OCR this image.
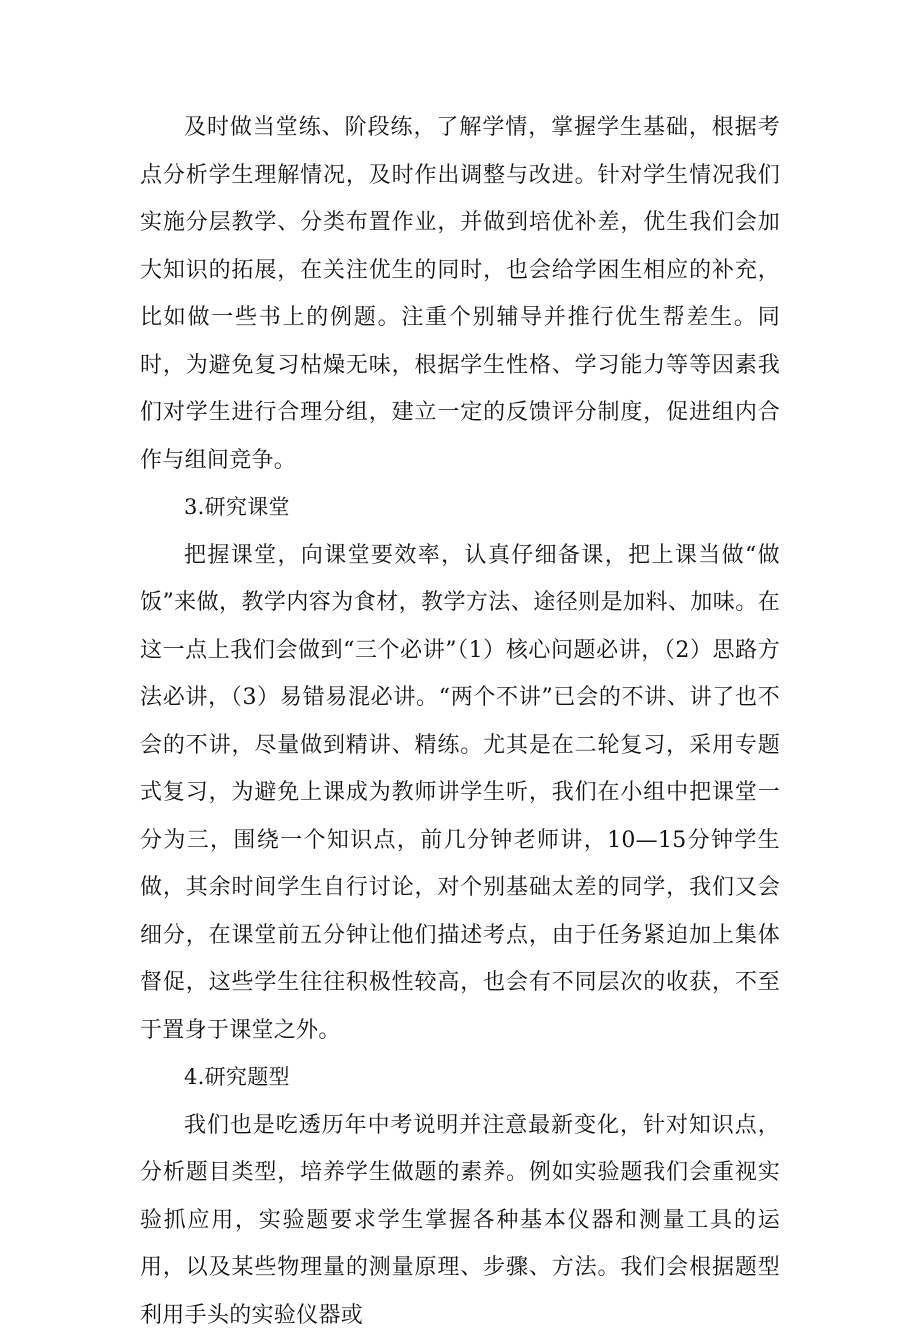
及时做当堂练、阶段练，了解学情，掌握学生基础，根据考点分析学生理解情况，及时作出调整与改进。针对学生情况我们实施分层教学、分类布置作业，并做到培优补差，优生我们会加大知识的拓展，在关注优生的同时，也会给学困生相应的补充，比如做一些书上的例题。注重个别辅导并推行优生帮差生。同时，为避免复习枯燥无味，根据学生性格、学习能力等等因素我们对学生进行合理分组，建立一定的反馈评分制度，促进组内合作与组间竞争。

3.研究课堂

把握课堂，向课堂要效率，认真仔细备课，把上课当做“做饭”来做，教学内容为食材，教学方法、途径则是加料、加味。在这一点上我们会做到“三个必讲”（1）核心问题必讲，（2）思路方法必讲，（3）易错易混必讲。“两个不讲”已会的不讲、讲了也不会的不讲，尽量做到精讲、精练。尤其是在二轮复习，采用专题式复习，为避免上课成为教师讲学生听，我们在小组中把课堂一分为三，围绕一个知识点，前几分钟老师讲，10—15分钟学生做，其余时间学生自行讨论，对个别基础太差的同学，我们又会细分，在课堂前五分钟让他们描述考点，由于任务紧迫加上集体督促，这些学生往往积极性较高，也会有不同层次的收获，不至于置身于课堂之外。

4.研究题型

我们也是吃透历年中考说明并注意最新变化，针对知识点，分析题目类型，培养学生做题的素养。例如实验题我们会重视实验抓应用，实验题要求学生掌握各种基本仪器和测量工具的运用，以及某些物理量的测量原理、步骤、方法。我们会根据题型利用手头的实验仪器或
